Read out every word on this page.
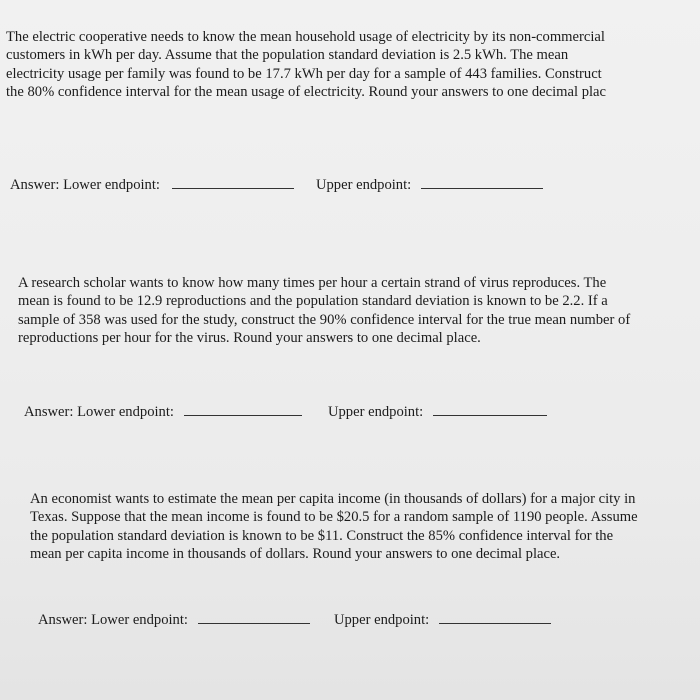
The electric cooperative needs to know the mean household usage of electricity by its non-commercial
customers in kWh per day. Assume that the population standard deviation is 2.5 kWh. The mean
electricity usage per family was found to be 17.7 kWh per day for a sample of 443 families. Construct
the 80% confidence interval for the mean usage of electricity. Round your answers to one decimal plac
Answer: Lower endpoint:	Upper endpoint:
A research scholar wants to know how many times per hour a certain strand of virus reproduces. The
mean is found to be 12.9 reproductions and the population standard deviation is known to be 2.2. If a
sample of 358 was used for the study, construct the 90% confidence interval for the true mean number of
reproductions per hour for the virus. Round your answers to one decimal place.
Answer: Lower endpoint:	Upper endpoint:
An economist wants to estimate the mean per capita income (in thousands of dollars) for a major city in
Texas. Suppose that the mean income is found to be $20.5 for a random sample of 1190 people. Assume
the population standard deviation is known to be $11. Construct the 85% confidence interval for the
mean per capita income in thousands of dollars. Round your answers to one decimal place.
Answer: Lower endpoint:	Upper endpoint:
